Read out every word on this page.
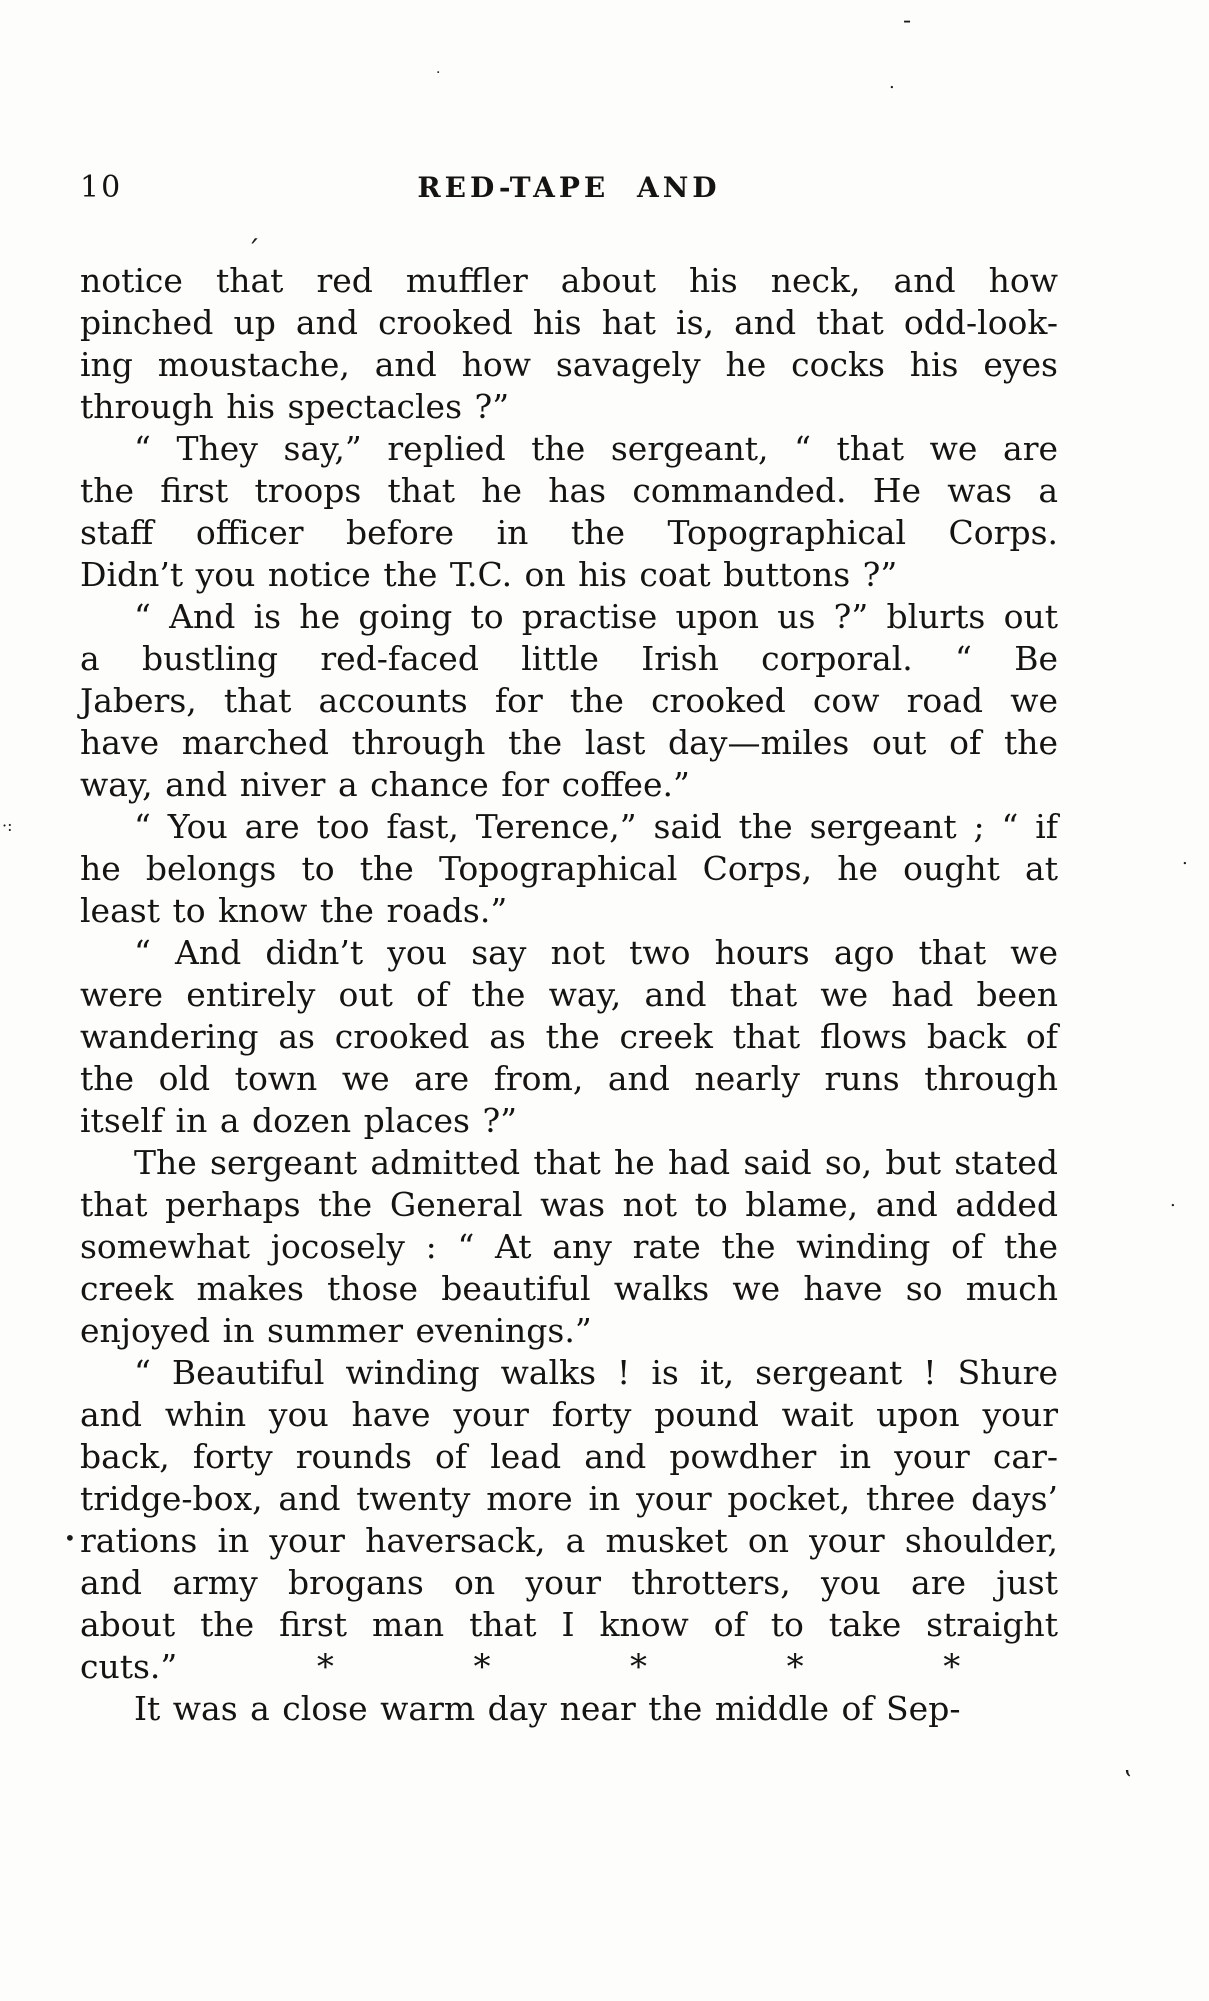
10	RED-TAPE AND
notice that red muffler about his neck, and how
pinched up and crooked his hat is, and that odd-look-
ing moustache, and how savagely he cocks his eyes
through his spectacles ?”
“ They say,” replied the sergeant, “ that we are
the first troops that he has commanded. He was a
staff officer before in the Topographical Corps.
Didn’t you notice the T.C. on his coat buttons ?”
“ And is he going to practise upon us ?” blurts out
a bustling red-faced little Irish corporal. “ Be
Jabers, that accounts for the crooked cow road we
have marched through the last day—miles out of the
way, and niver a chance for coffee.”
“ You are too fast, Terence,” said the sergeant ; “ if
he belongs to the Topographical Corps, he ought at
least to know the roads.”
“ And didn’t you say not two hours ago that we
were entirely out of the way, and that we had been
wandering as crooked as the creek that flows back of
the old town we are from, and nearly runs through
itself in a dozen places ?”
The sergeant admitted that he had said so, but stated
that perhaps the General was not to blame, and added
somewhat jocosely : “ At any rate the winding of the
creek makes those beautiful walks we have so much
enjoyed in summer evenings.”
“ Beautiful winding walks ! is it, sergeant ! Shure
and whin you have your forty pound wait upon your
back, forty rounds of lead and powdher in your car-
tridge-box, and twenty more in your pocket, three days’
rations in your haversack, a musket on your shoulder,
and army brogans on your throtters, you are just
about the first man that I know of to take straight
cuts.”	*	*	*	*	*
It was a close warm day near the middle of Sep-
´
-
.
·
·:
.
.
•
‛
